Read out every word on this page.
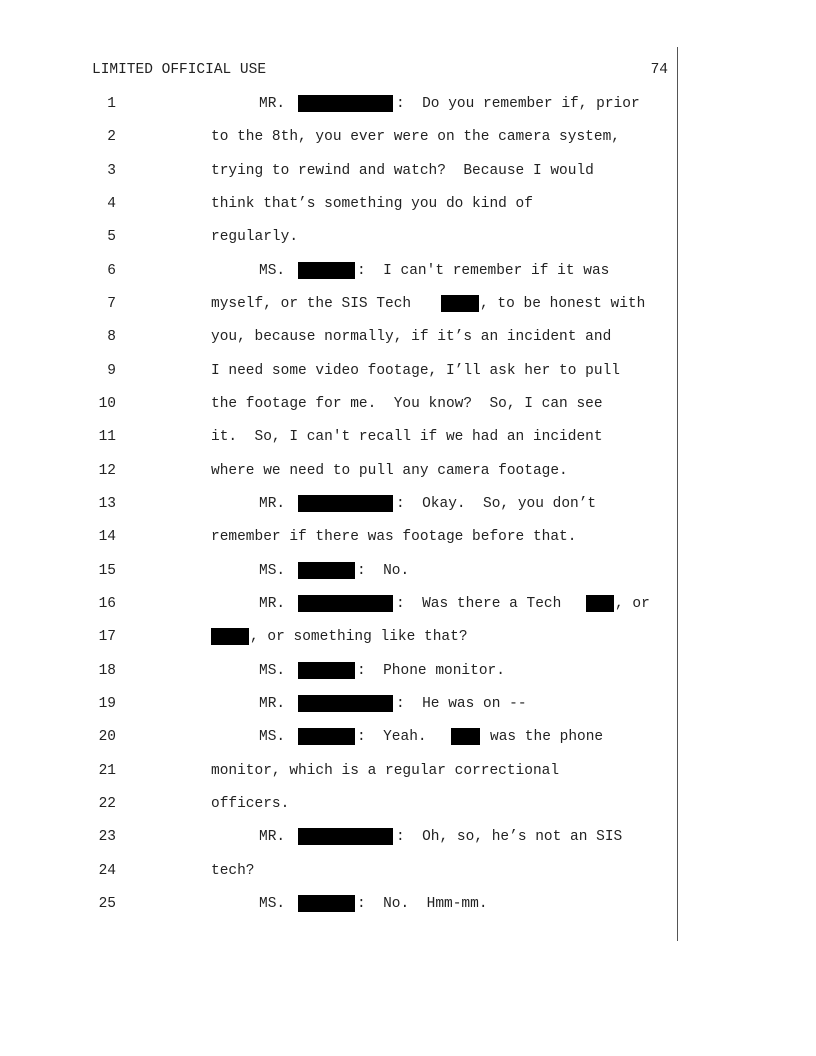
LIMITED OFFICIAL USE	74
1	MR.	:  Do you remember if, prior
2	to the 8th, you ever were on the camera system,
3	trying to rewind and watch?  Because I would
4	think that’s something you do kind of
5	regularly.
6	MS.	:  I can't remember if it was
7	myself, or the SIS Tech	, to be honest with
8	you, because normally, if it’s an incident and
9	I need some video footage, I’ll ask her to pull
10	the footage for me.  You know?  So, I can see
11	it.  So, I can't recall if we had an incident
12	where we need to pull any camera footage.
13	MR.	:  Okay.  So, you don’t
14	remember if there was footage before that.
15	MS.	:  No.
16	MR.	:  Was there a Tech	, or
17	, or something like that?
18	MS.	:  Phone monitor.
19	MR.	:  He was on --
20	MS.	:  Yeah.	was the phone
21	monitor, which is a regular correctional
22	officers.
23	MR.	:  Oh, so, he’s not an SIS
24	tech?
25	MS.	:  No.  Hmm-mm.
